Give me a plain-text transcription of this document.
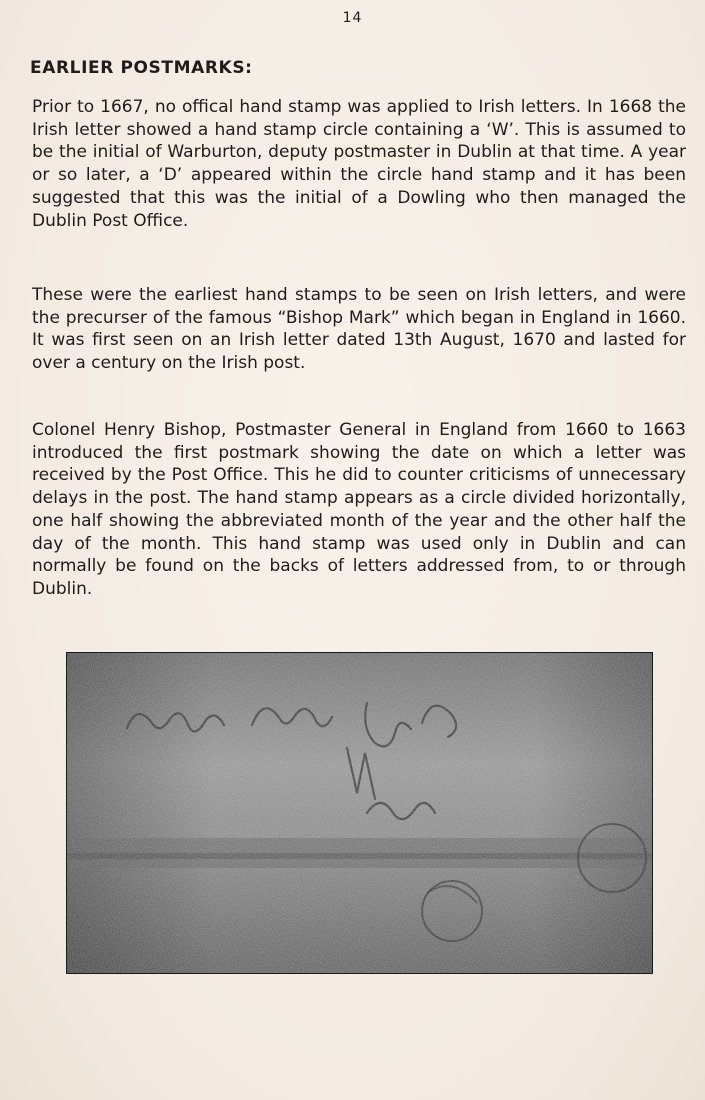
14
EARLIER POSTMARKS:

Prior to 1667, no offical hand stamp was applied to Irish letters. In 1668 the Irish letter showed a hand stamp circle containing a ‘W’. This is assumed to be the initial of Warburton, deputy postmaster in Dublin at that time. A year or so later, a ‘D’ appeared within the circle hand stamp and it has been suggested that this was the initial of a Dowling who then managed the Dublin Post Office.

These were the earliest hand stamps to be seen on Irish letters, and were the precurser of the famous “Bishop Mark” which began in England in 1660. It was first seen on an Irish letter dated 13th August, 1670 and lasted for over a century on the Irish post.

Colonel Henry Bishop, Postmaster General in England from 1660 to 1663 introduced the first postmark showing the date on which a letter was received by the Post Office. This he did to counter criticisms of unnecessary delays in the post. The hand stamp appears as a circle divided horizontally, one half showing the abbreviated month of the year and the other half the day of the month. This hand stamp was used only in Dublin and can normally be found on the backs of letters addressed from, to or through Dublin.
